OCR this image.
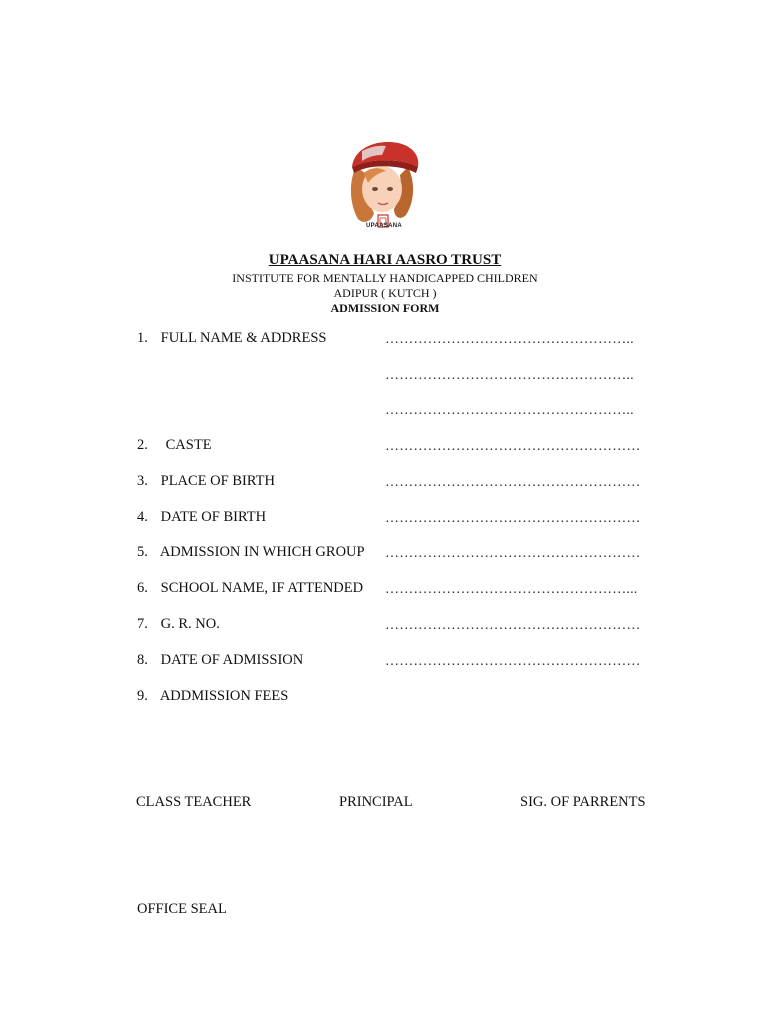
UPAASANA
UPAASANA HARI AASRO TRUST
INSTITUTE FOR MENTALLY HANDICAPPED CHILDREN
ADIPUR ( KUTCH )
ADMISSION FORM
1. FULL NAME & ADDRESS	……………………………………………..
……………………………………………..
……………………………………………..
2. CASTE	………………………………………………
3. PLACE OF BIRTH	………………………………………………
4. DATE OF BIRTH	………………………………………………
5. ADMISSION IN WHICH GROUP ………………………………………………
6. SCHOOL NAME, IF ATTENDED ……………………………………………...
7. G. R. NO.	………………………………………………
8. DATE OF ADMISSION	………………………………………………
9. ADDMISSION FEES
CLASS TEACHER	PRINCIPAL	SIG. OF PARRENTS
OFFICE SEAL
